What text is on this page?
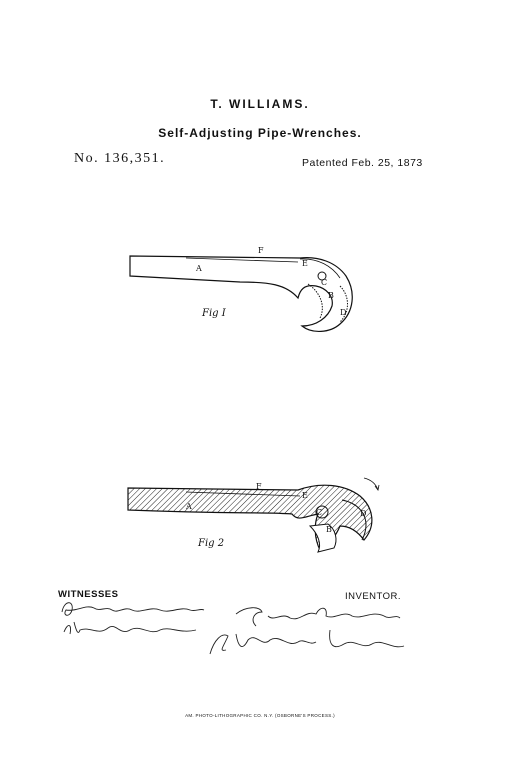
T. WILLIAMS.
Self-Adjusting Pipe-Wrenches.
No. 136,351.	Patented Feb. 25, 1873
A
B
C
D
E
F
Fig I
A
B
C	D
E
F
Fig 2
WITNESSES	INVENTOR.
AM. PHOTO-LITHOGRAPHIC CO. N.Y. (OSBORNE'S PROCESS.)
